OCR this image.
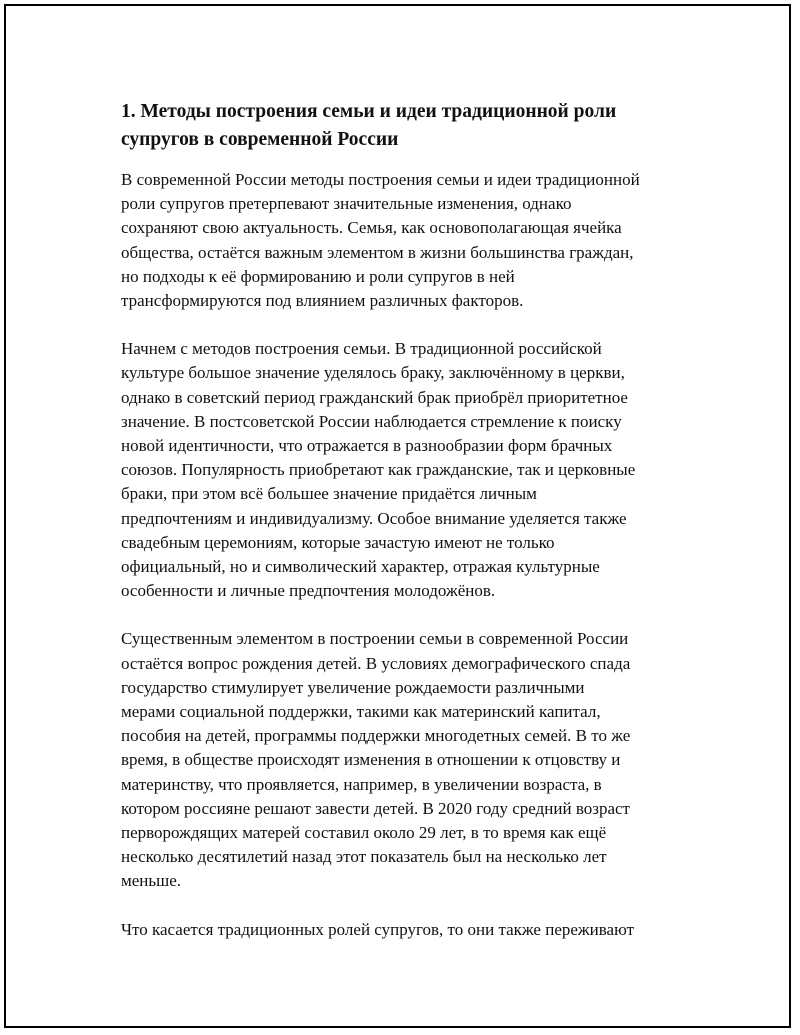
1. Методы построения семьи и идеи традиционной роли
супругов в современной России

В современной России методы построения семьи и идеи традиционной
роли супругов претерпевают значительные изменения, однако
сохраняют свою актуальность. Семья, как основополагающая ячейка
общества, остаётся важным элементом в жизни большинства граждан,
но подходы к её формированию и роли супругов в ней
трансформируются под влиянием различных факторов.

Начнем с методов построения семьи. В традиционной российской
культуре большое значение уделялось браку, заключённому в церкви,
однако в советский период гражданский брак приобрёл приоритетное
значение. В постсоветской России наблюдается стремление к поиску
новой идентичности, что отражается в разнообразии форм брачных
союзов. Популярность приобретают как гражданские, так и церковные
браки, при этом всё большее значение придаётся личным
предпочтениям и индивидуализму. Особое внимание уделяется также
свадебным церемониям, которые зачастую имеют не только
официальный, но и символический характер, отражая культурные
особенности и личные предпочтения молодожёнов.

Существенным элементом в построении семьи в современной России
остаётся вопрос рождения детей. В условиях демографического спада
государство стимулирует увеличение рождаемости различными
мерами социальной поддержки, такими как материнский капитал,
пособия на детей, программы поддержки многодетных семей. В то же
время, в обществе происходят изменения в отношении к отцовству и
материнству, что проявляется, например, в увеличении возраста, в
котором россияне решают завести детей. В 2020 году средний возраст
перворождящих матерей составил около 29 лет, в то время как ещё
несколько десятилетий назад этот показатель был на несколько лет
меньше.

Что касается традиционных ролей супругов, то они также переживают
